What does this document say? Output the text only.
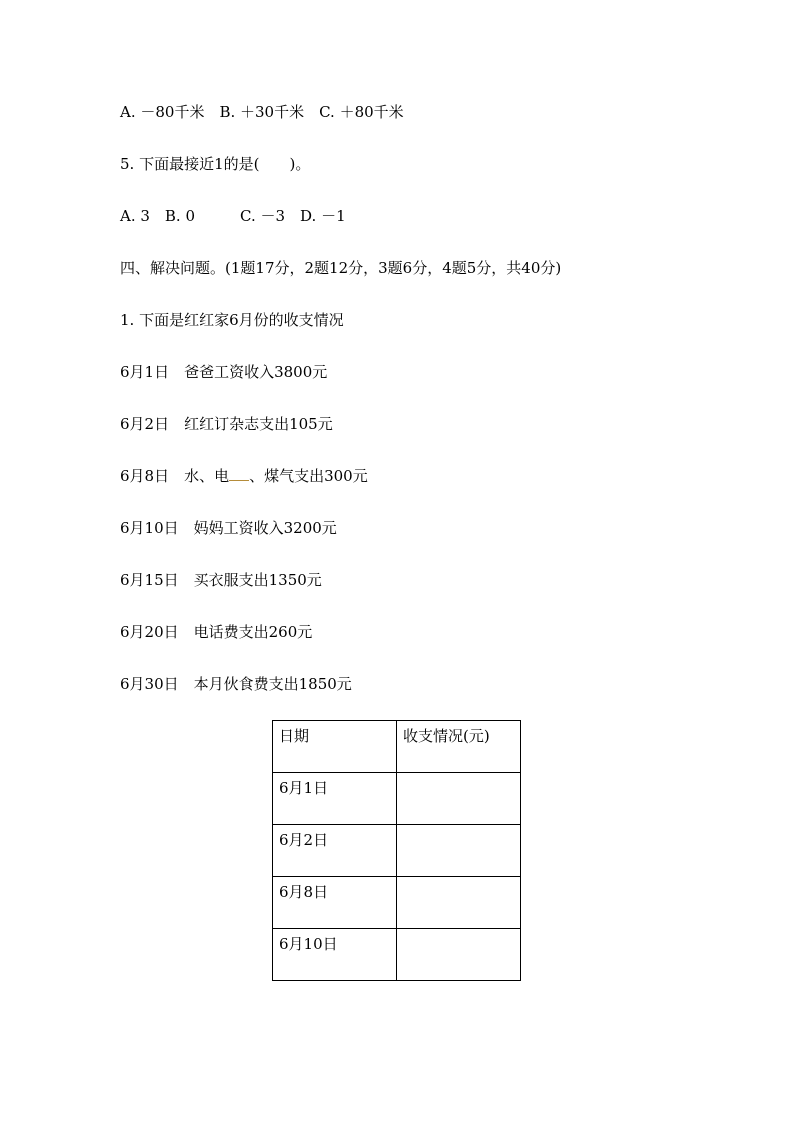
A. －80千米　B. ＋30千米　C. ＋80千米
5. 下面最接近1的是(　　)。
A. 3　B. 0　　　C. －3　D. －1
四、解决问题。(1题17分，2题12分，3题6分，4题5分，共40分)
1. 下面是红红家6月份的收支情况
6月1日　爸爸工资收入3800元
6月2日　红红订杂志支出105元
6月8日　水、电 、煤气支出300元
6月10日　妈妈工资收入3200元
6月15日　买衣服支出1350元
6月20日　电话费支出260元
6月30日　本月伙食费支出1850元
日期	收支情况(元)
6月1日	
6月2日	
6月8日	
6月10日	
